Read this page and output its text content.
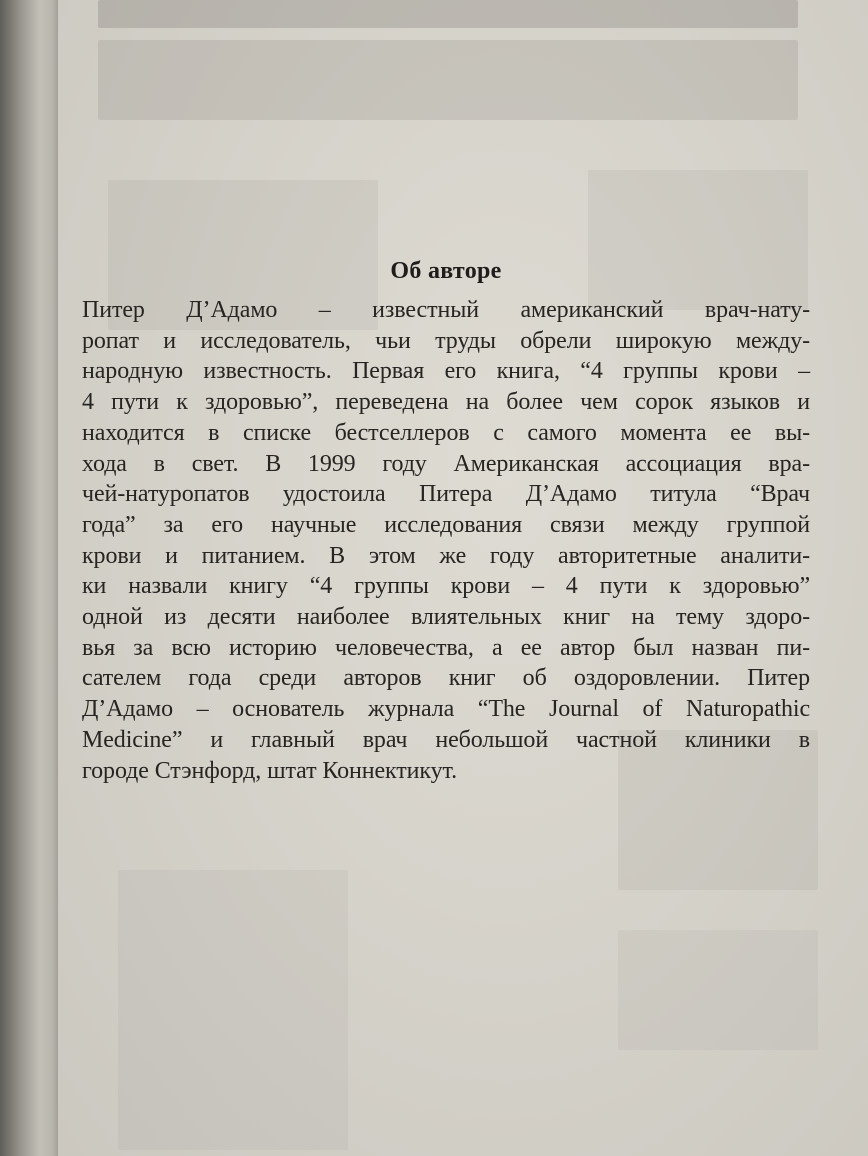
Об авторе
Питер Д’Адамо – известный американский врач-нату-
ропат и исследователь, чьи труды обрели широкую между-
народную известность. Первая его книга, “4 группы крови –
4 пути к здоровью”, переведена на более чем сорок языков и
находится в списке бестселлеров с самого момента ее вы-
хода в свет. В 1999 году Американская ассоциация вра-
чей-натуропатов удостоила Питера Д’Адамо титула “Врач
года” за его научные исследования связи между группой
крови и питанием. В этом же году авторитетные аналити-
ки назвали книгу “4 группы крови – 4 пути к здоровью”
одной из десяти наиболее влиятельных книг на тему здоро-
вья за всю историю человечества, а ее автор был назван пи-
сателем года среди авторов книг об оздоровлении. Питер
Д’Адамо – основатель журнала “The Journal of Naturopathic
Medicine” и главный врач небольшой частной клиники в
городе Стэнфорд, штат Коннектикут.
